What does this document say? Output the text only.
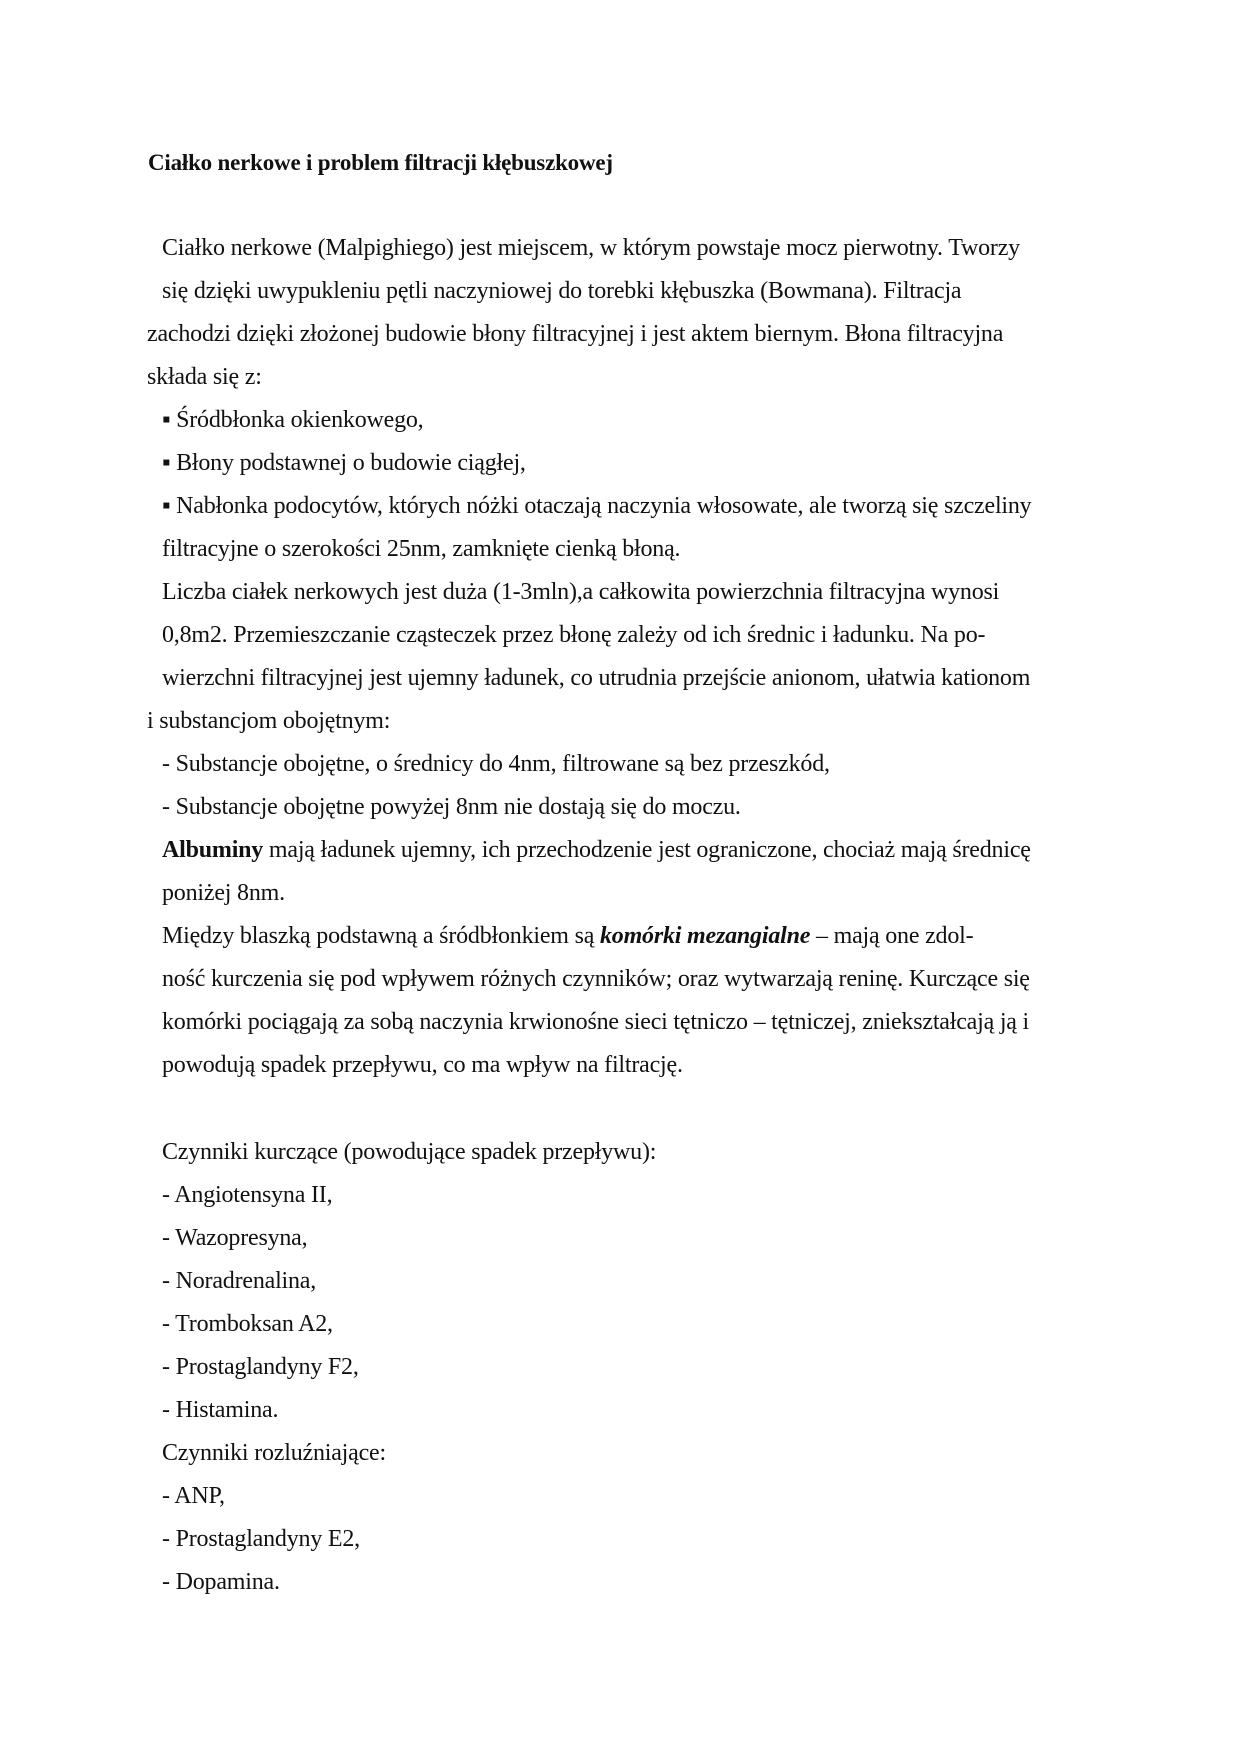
Ciałko nerkowe i problem filtracji kłębuszkowej
Ciałko nerkowe (Malpighiego) jest miejscem, w którym powstaje mocz pierwotny. Tworzy
się dzięki uwypukleniu pętli naczyniowej do torebki kłębuszka (Bowmana). Filtracja
zachodzi dzięki złożonej budowie błony filtracyjnej i jest aktem biernym. Błona filtracyjna
składa się z:
▪ Śródbłonka okienkowego,
▪ Błony podstawnej o budowie ciągłej,
▪ Nabłonka podocytów, których nóżki otaczają naczynia włosowate, ale tworzą się szczeliny
filtracyjne o szerokości 25nm, zamknięte cienką błoną.
Liczba ciałek nerkowych jest duża (1-3mln),a całkowita powierzchnia filtracyjna wynosi
0,8m2. Przemieszczanie cząsteczek przez błonę zależy od ich średnic i ładunku. Na po-
wierzchni filtracyjnej jest ujemny ładunek, co utrudnia przejście anionom, ułatwia kationom
i substancjom obojętnym:
- Substancje obojętne, o średnicy do 4nm, filtrowane są bez przeszkód,
- Substancje obojętne powyżej 8nm nie dostają się do moczu.
Albuminy mają ładunek ujemny, ich przechodzenie jest ograniczone, chociaż mają średnicę
poniżej 8nm.
Między blaszką podstawną a śródbłonkiem są komórki mezangialne – mają one zdol-
ność kurczenia się pod wpływem różnych czynników; oraz wytwarzają reninę. Kurczące się
komórki pociągają za sobą naczynia krwionośne sieci tętniczo – tętniczej, zniekształcają ją i
powodują spadek przepływu, co ma wpływ na filtrację.
Czynniki kurczące (powodujące spadek przepływu):
- Angiotensyna II,
- Wazopresyna,
- Noradrenalina,
- Tromboksan A2,
- Prostaglandyny F2,
- Histamina.
Czynniki rozluźniające:
- ANP,
- Prostaglandyny E2,
- Dopamina.
